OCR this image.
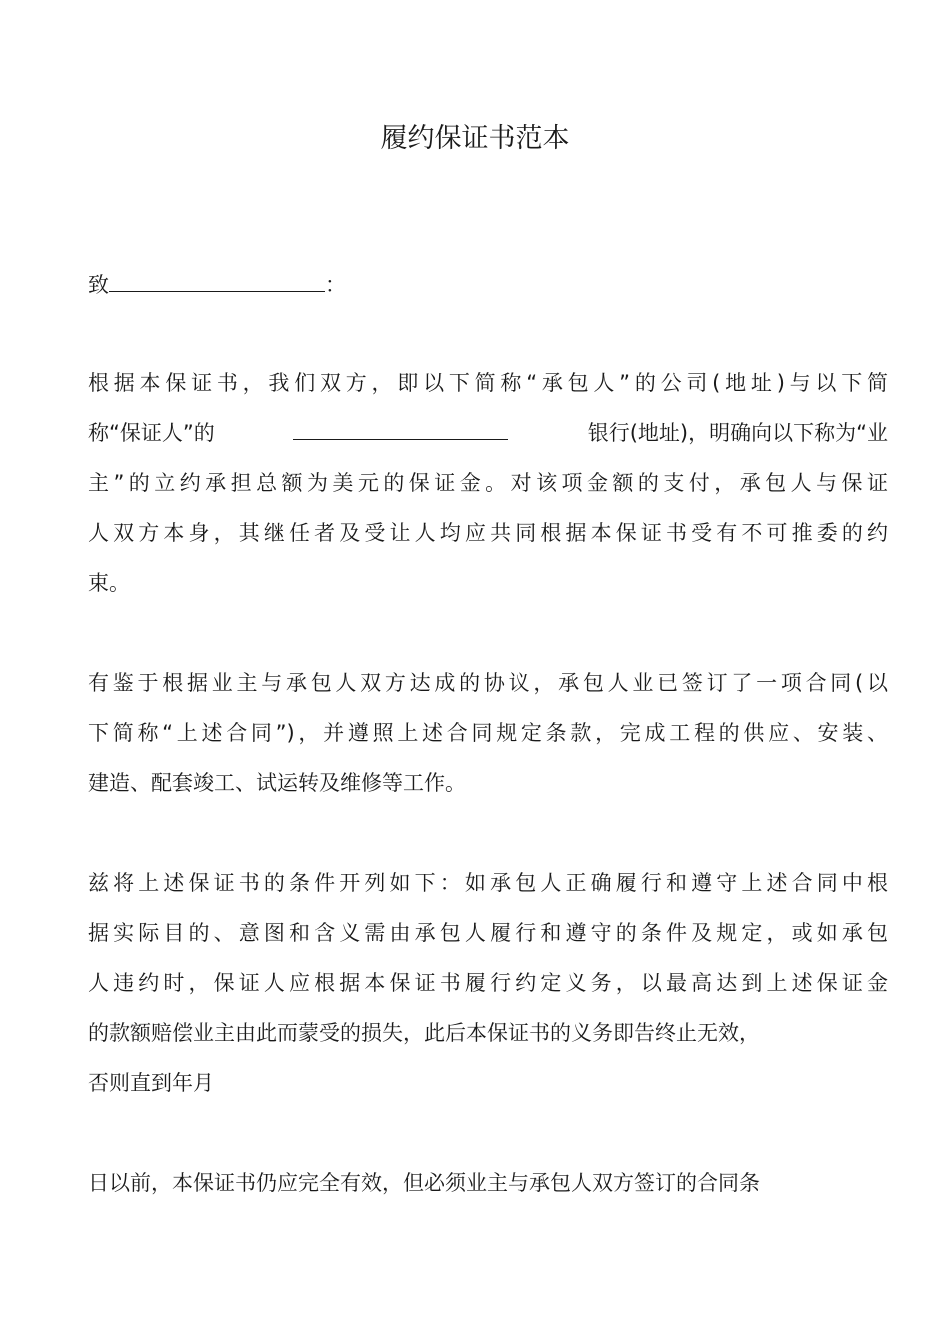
履约保证书范本
致	：
根据本保证书，我们双方，即以下简称“承包人”的公司(地址)与以下简
称“保证人”的	银行(地址)，明确向以下称为“业
主”的立约承担总额为美元的保证金。对该项金额的支付，承包人与保证
人双方本身，其继任者及受让人均应共同根据本保证书受有不可推委的约
束。
有鉴于根据业主与承包人双方达成的协议，承包人业已签订了一项合同(以
下简称“上述合同”)，并遵照上述合同规定条款，完成工程的供应、安装、
建造、配套竣工、试运转及维修等工作。
兹将上述保证书的条件开列如下：如承包人正确履行和遵守上述合同中根
据实际目的、意图和含义需由承包人履行和遵守的条件及规定，或如承包
人违约时，保证人应根据本保证书履行约定义务，以最高达到上述保证金
的款额赔偿业主由此而蒙受的损失，此后本保证书的义务即告终止无效，
否则直到年月
日以前，本保证书仍应完全有效，但必须业主与承包人双方签订的合同条
